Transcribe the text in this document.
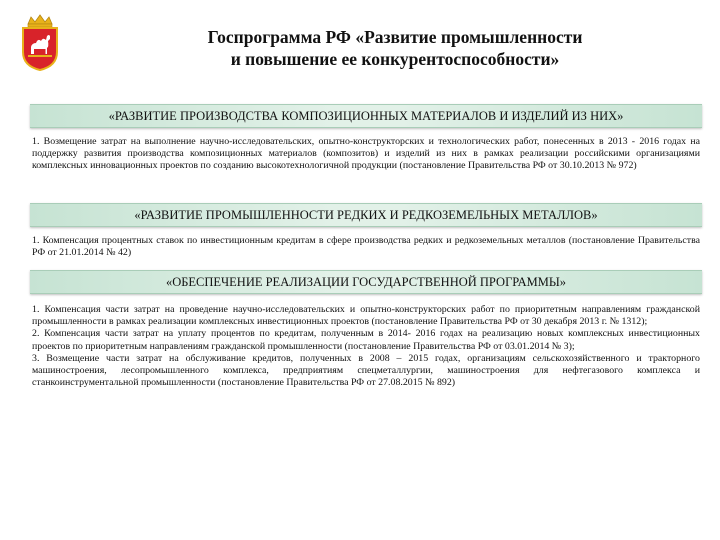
Госпрограмма РФ «Развитие промышленности
и повышение ее конкурентоспособности»
«РАЗВИТИЕ ПРОИЗВОДСТВА КОМПОЗИЦИОННЫХ МАТЕРИАЛОВ И ИЗДЕЛИЙ ИЗ НИХ»

1. Возмещение затрат на выполнение научно-исследовательских, опытно-конструкторских и технологических работ, понесенных в 2013 - 2016 годах на поддержку развития производства композиционных материалов (композитов) и изделий из них в рамках реализации российскими организациями комплексных инновационных проектов по созданию высокотехнологичной продукции (постановление Правительства РФ от 30.10.2013 № 972)

«РАЗВИТИЕ ПРОМЫШЛЕННОСТИ РЕДКИХ И РЕДКОЗЕМЕЛЬНЫХ МЕТАЛЛОВ»

1. Компенсация процентных ставок по инвестиционным кредитам в сфере производства редких и редкоземельных металлов (постановление Правительства РФ от 21.01.2014 № 42)

«ОБЕСПЕЧЕНИЕ РЕАЛИЗАЦИИ ГОСУДАРСТВЕННОЙ ПРОГРАММЫ»

1. Компенсация части затрат на проведение научно-исследовательских и опытно-конструкторских работ по приоритетным направлениям гражданской промышленности в рамках реализации комплексных инвестиционных проектов (постановление Правительства РФ от 30 декабря 2013 г. № 1312);

2. Компенсация части затрат на уплату процентов по кредитам, полученным в 2014- 2016 годах на реализацию новых комплексных инвестиционных проектов по приоритетным направлениям гражданской промышленности (постановление Правительства РФ от 03.01.2014 № 3);

3. Возмещение части затрат на обслуживание кредитов, полученных в 2008 – 2015 годах, организациям сельскохозяйственного и тракторного машиностроения, лесопромышленного комплекса, предприятиям спецметаллургии, машиностроения для нефтегазового комплекса и станкоинструментальной промышленности (постановление Правительства РФ от 27.08.2015 № 892)
